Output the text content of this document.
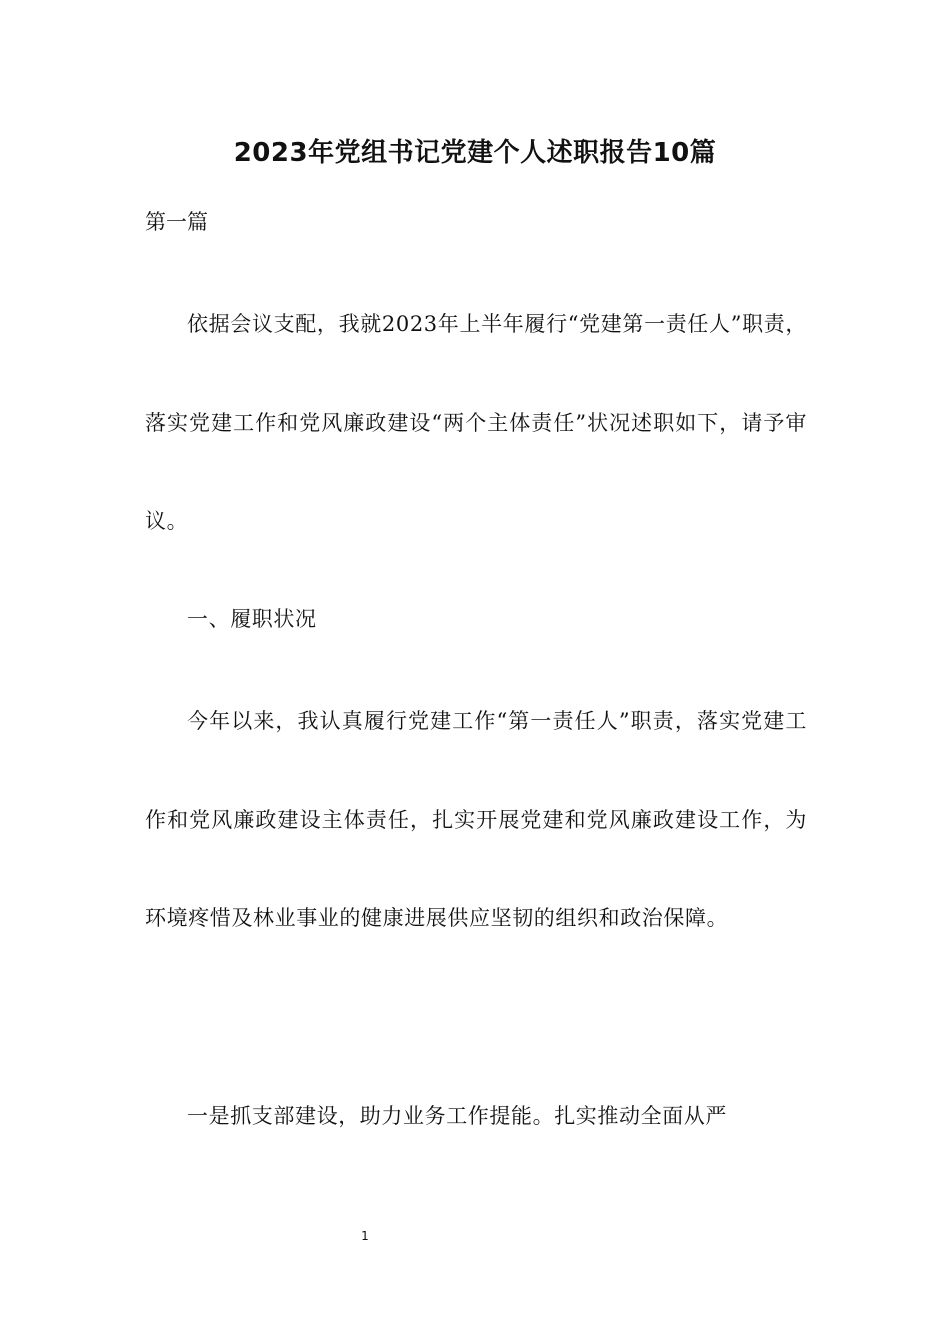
2023年党组书记党建个人述职报告10篇
第一篇
依据会议支配，我就2023年上半年履行“党建第一责任人”职责，落实党建工作和党风廉政建设“两个主体责任”状况述职如下，请予审议。
一、履职状况
今年以来，我认真履行党建工作“第一责任人”职责，落实党建工作和党风廉政建设主体责任，扎实开展党建和党风廉政建设工作，为环境疼惜及林业事业的健康进展供应坚韧的组织和政治保障。
一是抓支部建设，助力业务工作提能。扎实推动全面从严
1
